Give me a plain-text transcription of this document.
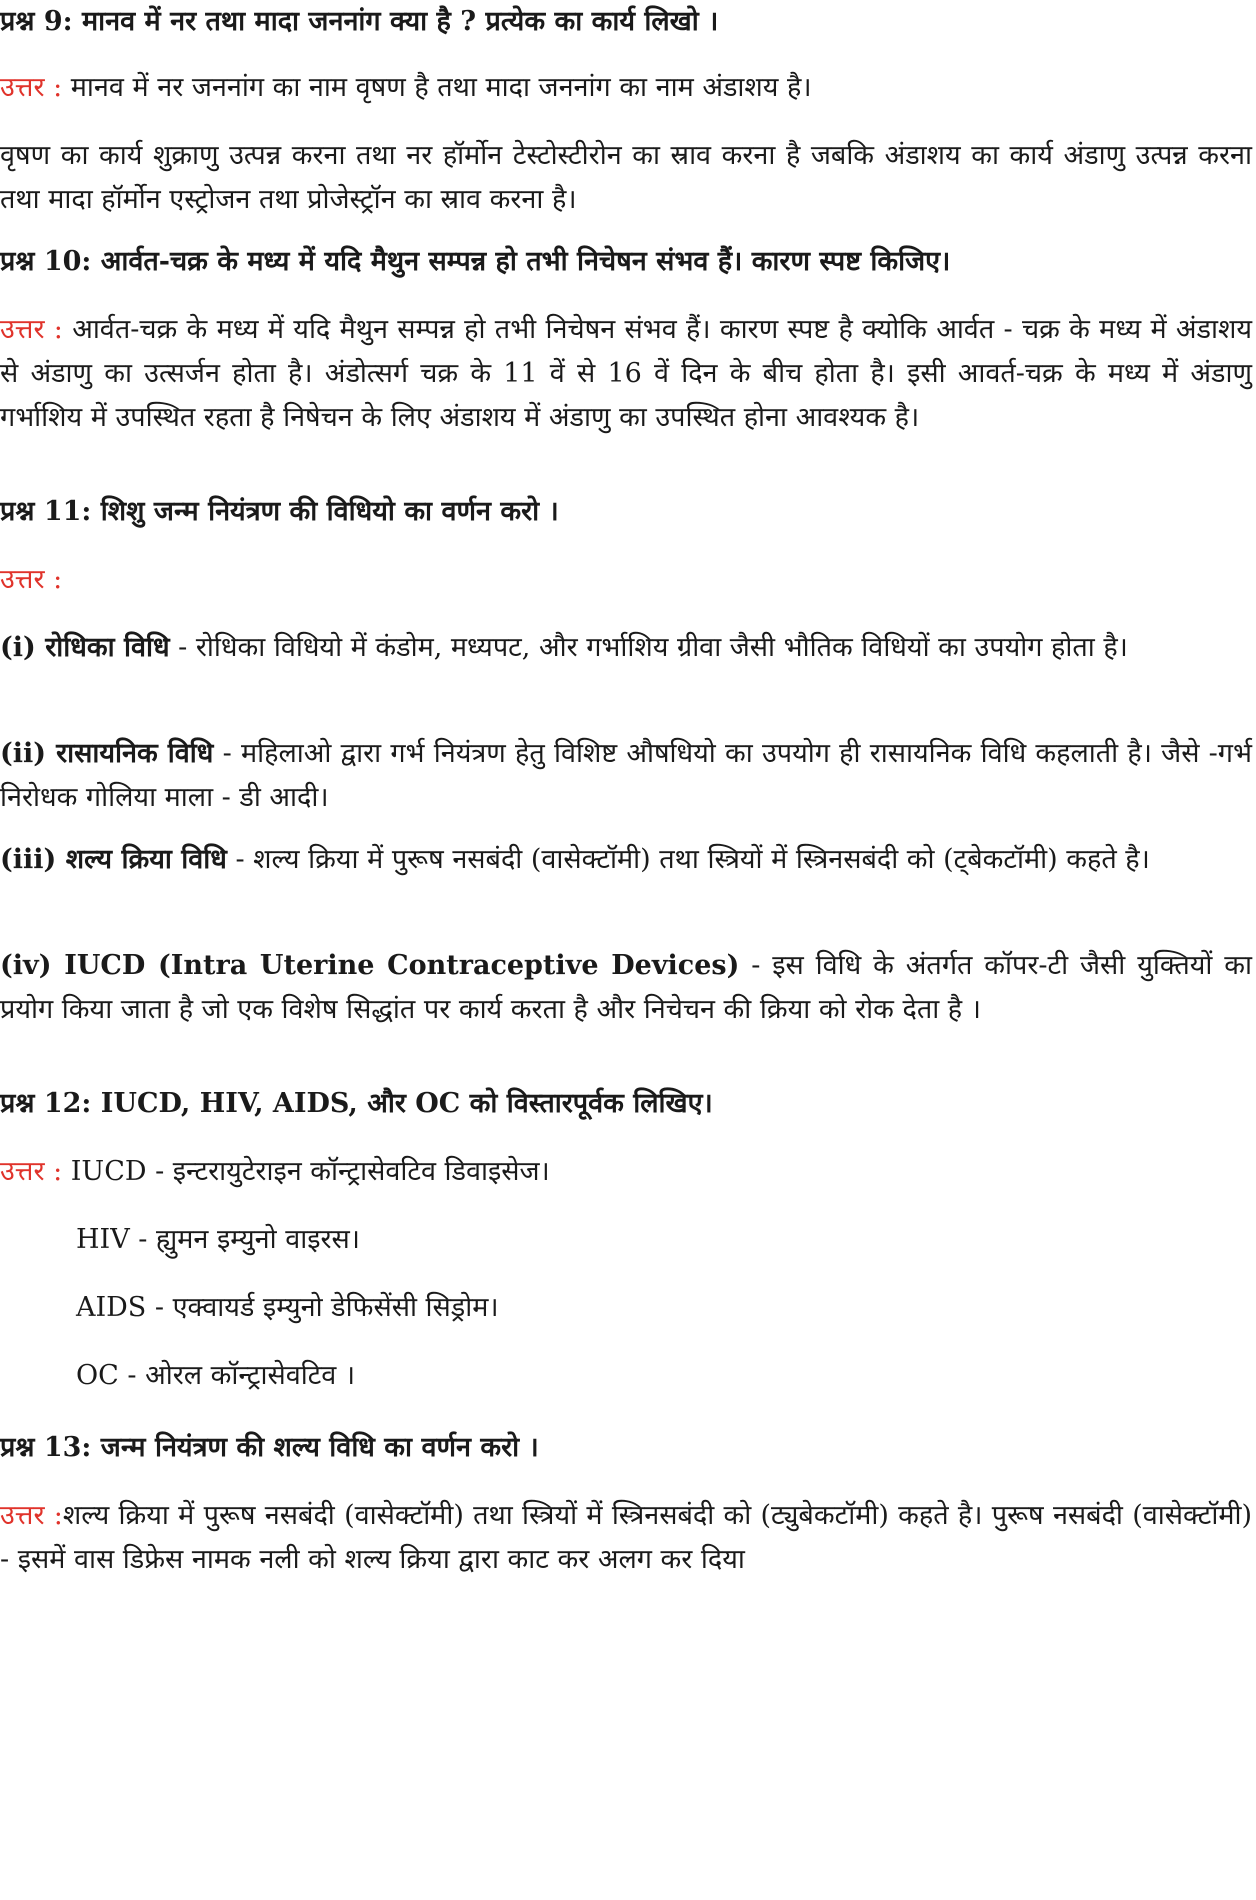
प्रश्न 9: मानव में नर तथा मादा जननांग क्या है ? प्रत्येक का कार्य लिखो ।

उत्तर : मानव में नर जननांग का नाम वृषण है तथा मादा जननांग का नाम अंडाशय है।

वृषण का कार्य शुक्राणु उत्पन्न करना तथा नर हॉर्मोन टेस्टोस्टीरोन का स्राव करना है जबकि अंडाशय का कार्य अंडाणु उत्पन्न करना तथा मादा हॉर्मोन एस्ट्रोजन तथा प्रोजेस्ट्रॉन का स्राव करना है।

प्रश्न 10: आर्वत-चक्र के मध्य में यदि मैथुन सम्पन्न हो तभी निचेषन संभव हैं। कारण स्पष्ट किजिए।

उत्तर : आर्वत-चक्र के मध्य में यदि मैथुन सम्पन्न हो तभी निचेषन संभव हैं। कारण स्पष्ट है क्योकि आर्वत - चक्र के मध्य में अंडाशय से अंडाणु का उत्सर्जन होता है। अंडोत्सर्ग चक्र के 11 वें से 16 वें दिन के बीच होता है। इसी आवर्त-चक्र के मध्य में अंडाणु गर्भाशिय में उपस्थित रहता है निषेचन के लिए अंडाशय में अंडाणु का उपस्थित होना आवश्यक है।

प्रश्न 11: शिशु जन्म नियंत्रण की विधियो का वर्णन करो ।

उत्तर :

(i) रोधिका विधि - रोधिका विधियो में कंडोम, मध्यपट, और गर्भाशिय ग्रीवा जैसी भौतिक विधियों का उपयोग होता है।

(ii) रासायनिक विधि - महिलाओ द्वारा गर्भ नियंत्रण हेतु विशिष्ट औषधियो का उपयोग ही रासायनिक विधि कहलाती है। जैसे -गर्भ निरोधक गोलिया माला - डी आदी।

(iii) शल्य क्रिया विधि - शल्य क्रिया में पुरूष नसबंदी (वासेक्टॉमी) तथा स्त्रियों में स्त्रिनसबंदी को (ट्बेकटॉमी) कहते है।

(iv) IUCD (Intra Uterine Contraceptive Devices) - इस विधि के अंतर्गत कॉपर-टी जैसी युक्तियों का प्रयोग किया जाता है जो एक विशेष सिद्धांत पर कार्य करता है और निचेचन की क्रिया को रोक देता है ।

प्रश्न 12: IUCD, HIV, AIDS, और OC को विस्तारपूर्वक लिखिए।

उत्तर : IUCD - इन्टरायुटेराइन कॉन्ट्रासेवटिव डिवाइसेज।

HIV - ह्युमन इम्युनो वाइरस।

AIDS - एक्वायर्ड इम्युनो डेफिसेंसी सिड्रोम।

OC - ओरल कॉन्ट्रासेवटिव ।

प्रश्न 13: जन्म नियंत्रण की शल्य विधि का वर्णन करो ।

उत्तर :शल्य क्रिया में पुरूष नसबंदी (वासेक्टॉमी) तथा स्त्रियों में स्त्रिनसबंदी को (ट्युबेकटॉमी) कहते है। पुरूष नसबंदी (वासेक्टॉमी) - इसमें वास डिफ्रेस नामक नली को शल्य क्रिया द्वारा काट कर अलग कर दिया
